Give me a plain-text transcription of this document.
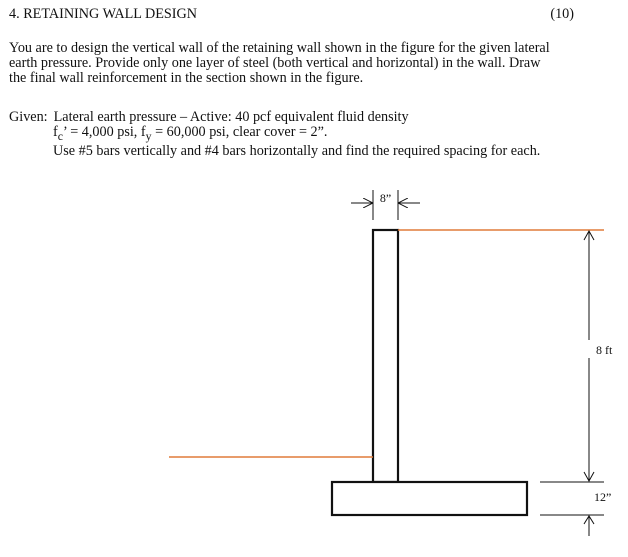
4. RETAINING WALL DESIGN	(10)
You are to design the vertical wall of the retaining wall shown in the figure for the given lateral
earth pressure. Provide only one layer of steel (both vertical and horizontal) in the wall. Draw
the final wall reinforcement in the section shown in the figure.
Given: Lateral earth pressure – Active: 40 pcf equivalent fluid density
$f_c$’ = 4,000 psi, $f_y = 60,000$ psi, clear cover = 2”.
Use #5 bars vertically and #4 bars horizontally and find the required spacing for each.
8”
8 ft
12”
